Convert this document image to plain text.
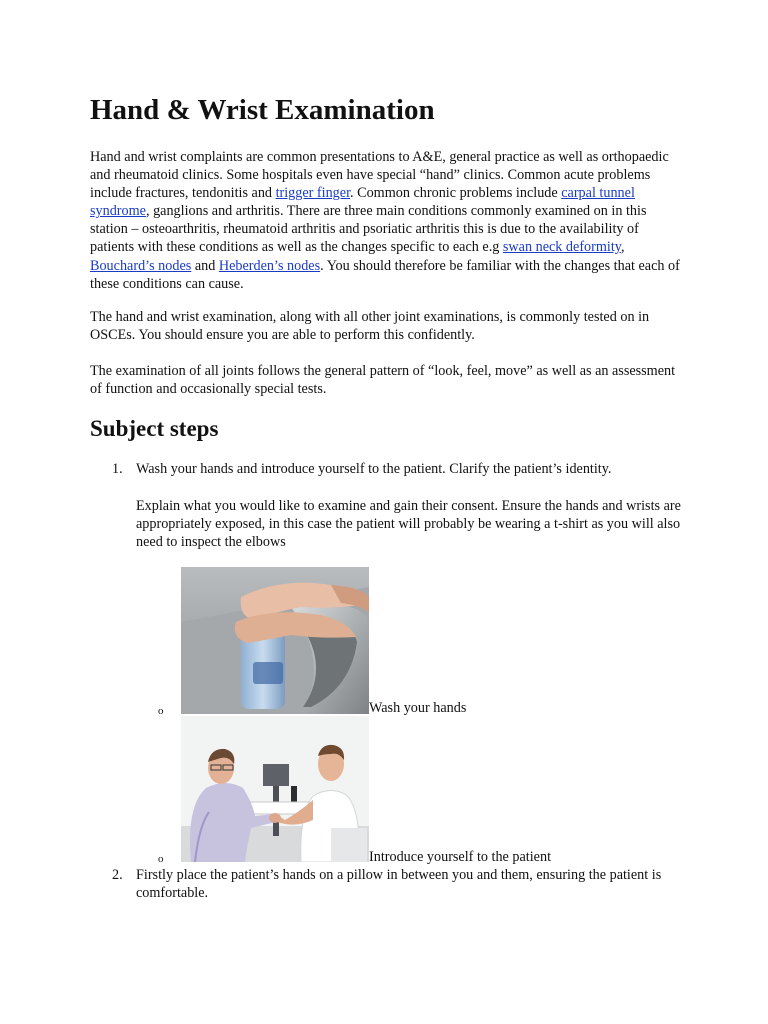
Hand & Wrist Examination

Hand and wrist complaints are common presentations to A&E, general practice as well as orthopaedic and rheumatoid clinics. Some hospitals even have special “hand” clinics. Common acute problems include fractures, tendonitis and trigger finger. Common chronic problems include carpal tunnel syndrome, ganglions and arthritis. There are three main conditions commonly examined on in this station – osteoarthritis, rheumatoid arthritis and psoriatic arthritis this is due to the availability of patients with these conditions as well as the changes specific to each e.g swan neck deformity, Bouchard’s nodes and Heberden’s nodes. You should therefore be familiar with the changes that each of these conditions can cause.

The hand and wrist examination, along with all other joint examinations, is commonly tested on in OSCEs. You should ensure you are able to perform this confidently.

The examination of all joints follows the general pattern of “look, feel, move” as well as an assessment of function and occasionally special tests.

Subject steps
1. Wash your hands and introduce yourself to the patient. Clarify the patient’s identity.

Explain what you would like to examine and gain their consent. Ensure the hands and wrists are appropriately exposed, in this case the patient will probably be wearing a t-shirt as you will also need to inspect the elbows

o	Wash your hands
o	Introduce yourself to the patient
2. Firstly place the patient’s hands on a pillow in between you and them, ensuring the patient is comfortable.
